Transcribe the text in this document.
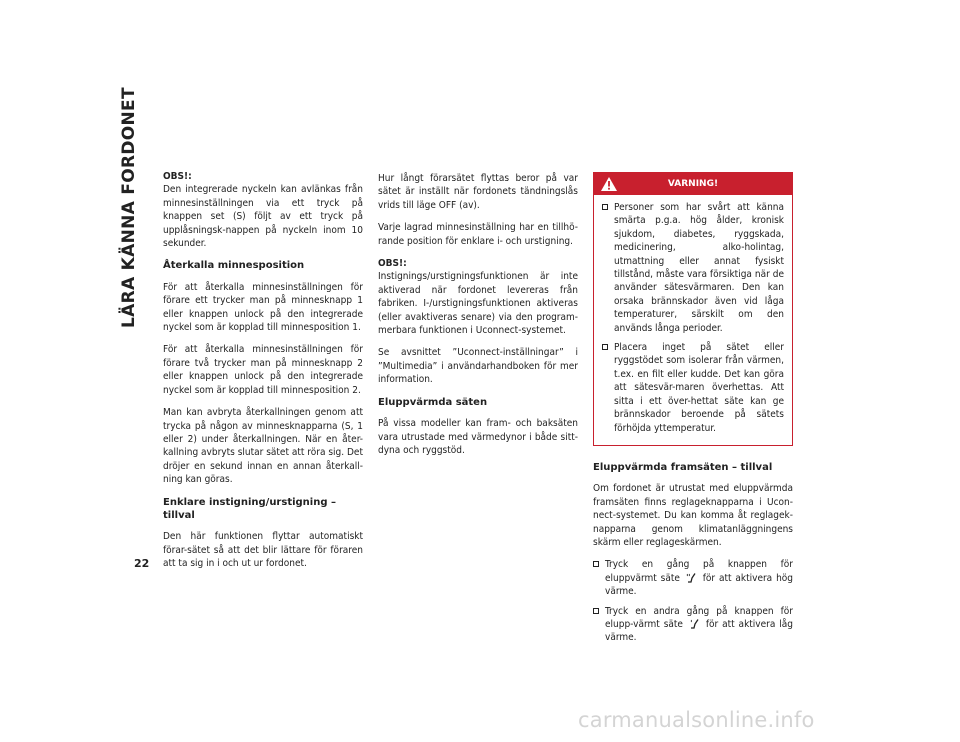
LÄRA KÄNNA FORDONET
22

OBS!:
Den integrerade nyckeln kan avlänkas från minnesinställningen via ett tryck på knappen set (S) följt av ett tryck på upplåsningsk-nappen på nyckeln inom 10 sekunder.

Återkalla minnesposition

För att återkalla minnesinställningen för förare ett trycker man på minnesknapp 1 eller knappen unlock på den integrerade nyckel som är kopplad till minnesposition 1.

För att återkalla minnesinställningen för förare två trycker man på minnesknapp 2 eller knappen unlock på den integrerade nyckel som är kopplad till minnesposition 2.

Man kan avbryta återkallningen genom att trycka på någon av minnesknapparna (S, 1 eller 2) under återkallningen. När en åter-kallning avbryts slutar sätet att röra sig. Det dröjer en sekund innan en annan återkall-ning kan göras.

Enklare instigning/urstigning – tillval

Den här funktionen flyttar automatiskt förar-sätet så att det blir lättare för föraren att ta sig in i och ut ur fordonet.

Hur långt förarsätet flyttas beror på var sätet är inställt när fordonets tändningslås vrids till läge OFF (av).

Varje lagrad minnesinställning har en tillhö-rande position för enklare i- och urstigning.

OBS!:
Instignings/urstigningsfunktionen är inte aktiverad när fordonet levereras från fabriken. I-/urstigningsfunktionen aktiveras (eller avaktiveras senare) via den program-merbara funktionen i Uconnect-systemet.

Se avsnittet ”Uconnect-inställningar” i ”Multimedia” i användarhandboken för mer information.

Eluppvärmda säten

På vissa modeller kan fram- och baksäten vara utrustade med värmedynor i både sitt-dyna och ryggstöd.

VARNING!
Personer som har svårt att känna smärta p.g.a. hög ålder, kronisk sjukdom, diabetes, ryggskada, medicinering, alko-holintag, utmattning eller annat fysiskt tillstånd, måste vara försiktiga när de använder sätesvärmaren. Den kan orsaka brännskador även vid låga temperaturer, särskilt om den används långa perioder.
Placera inget på sätet eller ryggstödet som isolerar från värmen, t.ex. en filt eller kudde. Det kan göra att sätesvär-maren överhettas. Att sitta i ett över-hettat säte kan ge brännskador beroende på sätets förhöjda yttemperatur.
Eluppvärmda framsäten – tillval

Om fordonet är utrustat med eluppvärmda framsäten finns reglageknapparna i Ucon-nect-systemet. Du kan komma åt reglagek-napparna genom klimatanläggningens skärm eller reglageskärmen.

Tryck en gång på knappen för eluppvärmt säte för att aktivera hög värme.
Tryck en andra gång på knappen för elupp-värmt säte för att aktivera låg värme.
carmanualsonline.info
